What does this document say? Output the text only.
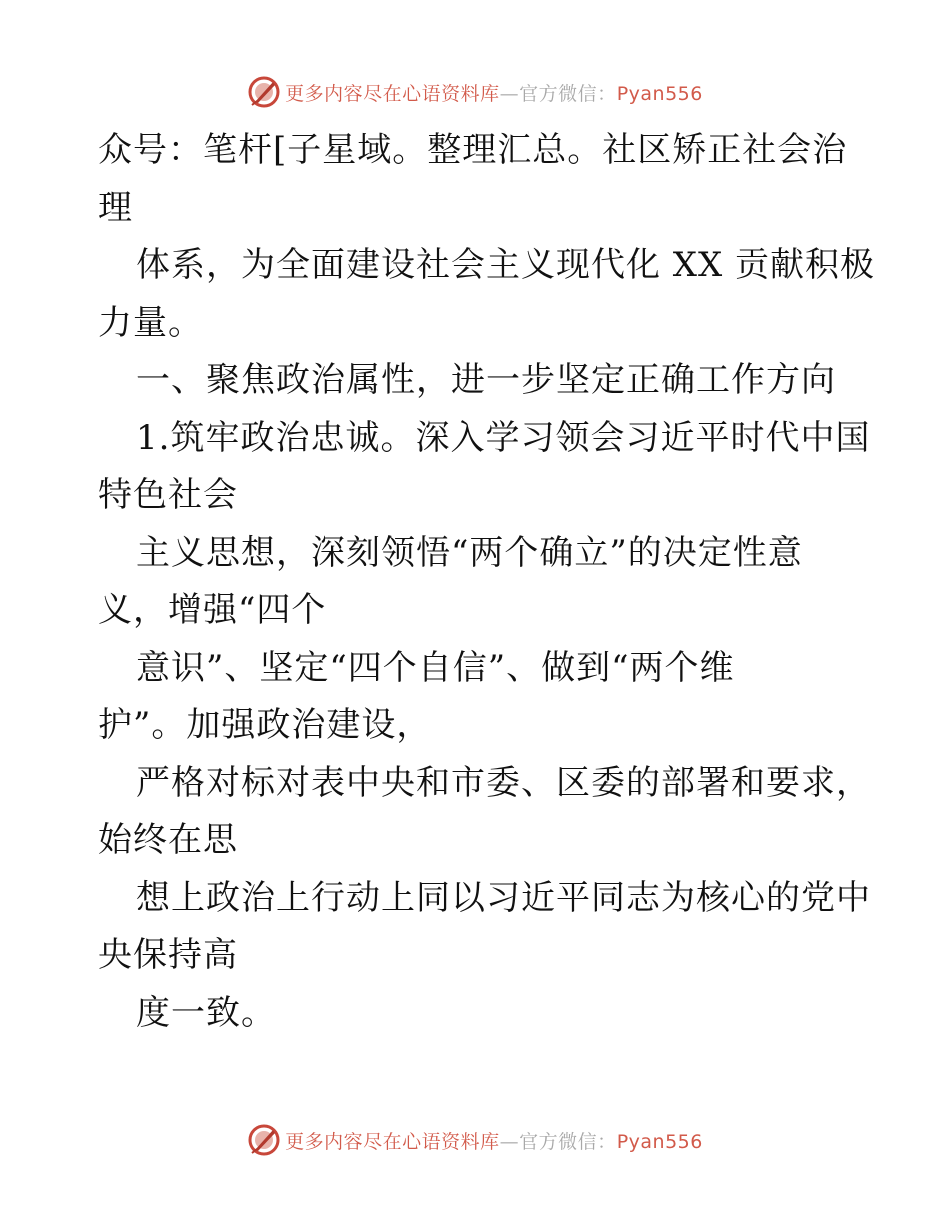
更多内容尽在心语资料库—官方微信：Pyan556
众号：笔杆[子星域。整理汇总。社区矫正社会治
理
体系，为全面建设社会主义现代化 XX 贡献积极
力量。
一、聚焦政治属性，进一步坚定正确工作方向
1.筑牢政治忠诚。深入学习领会习近平时代中国
特色社会
主义思想，深刻领悟“两个确立”的决定性意
义，增强“四个
意识”、坚定“四个自信”、做到“两个维
护”。加强政治建设，
严格对标对表中央和市委、区委的部署和要求，
始终在思
想上政治上行动上同以习近平同志为核心的党中
央保持高
度一致。
更多内容尽在心语资料库—官方微信：Pyan556
